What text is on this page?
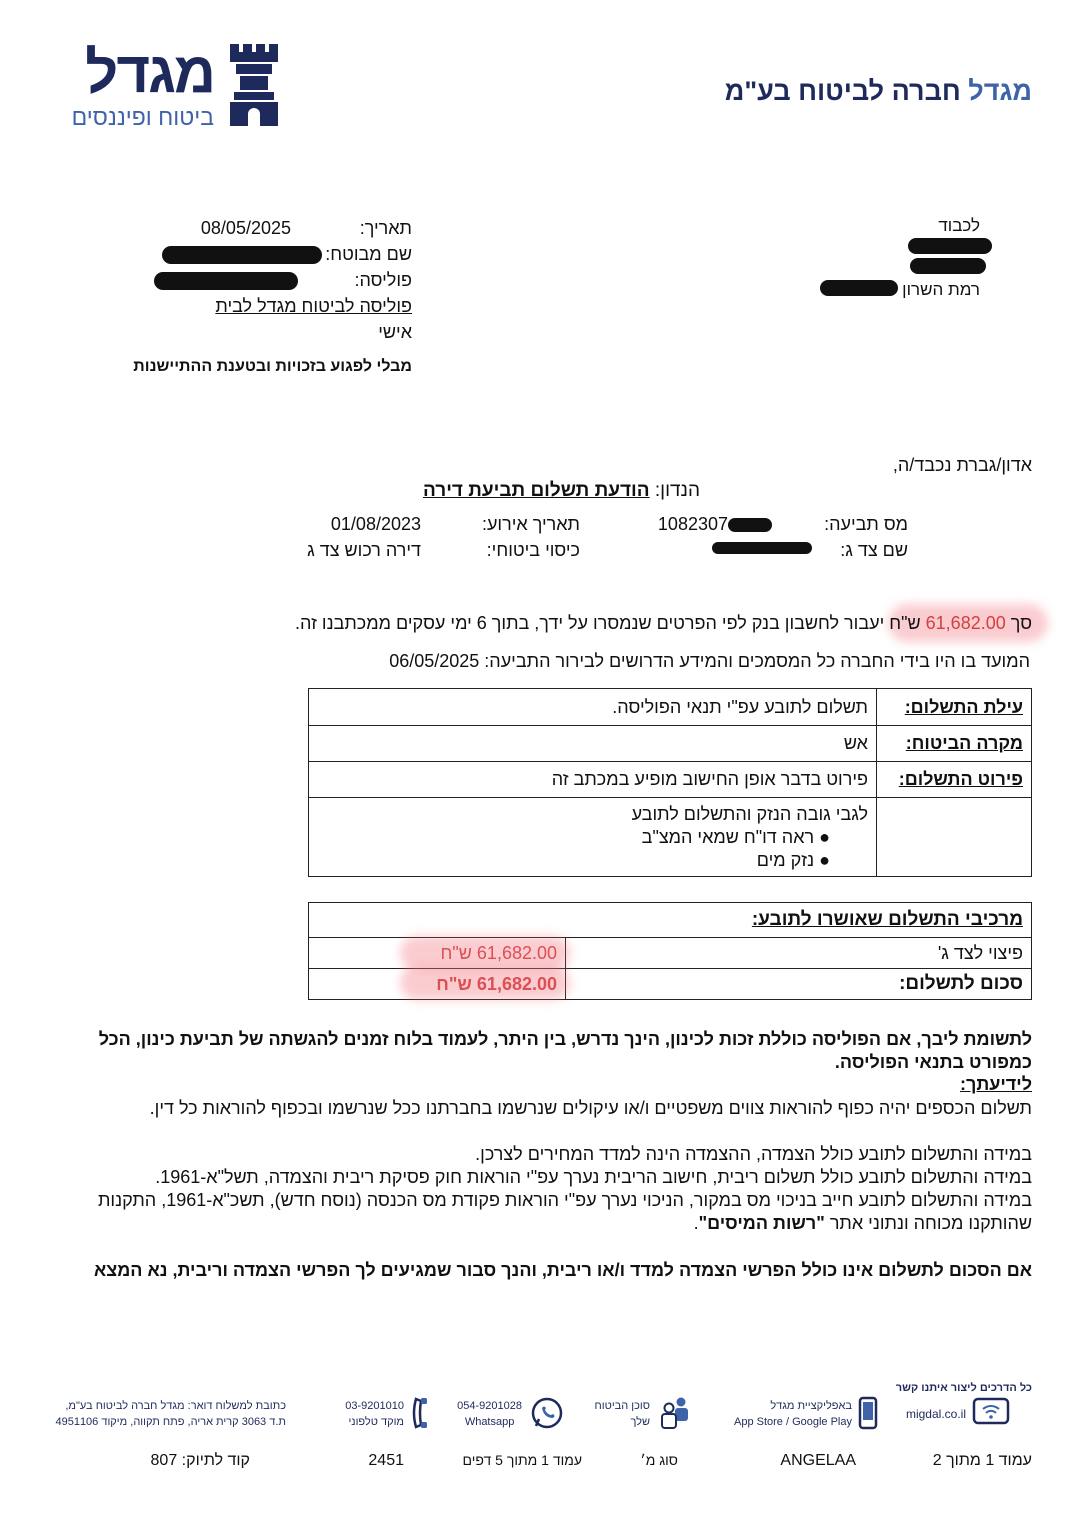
מגדל חברה לביטוח בע"מ
מגדל
ביטוח ופיננסים
לכבוד
רמת השרון
תאריך:
08/05/2025
שם מבוטח:
פוליסה:
פוליסה לביטוח מגדל לבית
אישי
מבלי לפגוע בזכויות ובטענת ההתיישנות
אדון/גברת נכבד/ה,
הנדון: הודעת תשלום תביעת דירה
מס תביעה:
1082307
תאריך אירוע:
01/08/2023
שם צד ג:
כיסוי ביטוחי:
דירה רכוש צד ג
סך 61,682.00 ש"ח יעבור לחשבון בנק לפי הפרטים שנמסרו על ידך, בתוך 6 ימי עסקים ממכתבנו זה.
המועד בו היו בידי החברה כל המסמכים והמידע הדרושים לבירור התביעה: 06/05/2025
עילת התשלום:	תשלום לתובע עפ"י תנאי הפוליסה.
מקרה הביטוח:	אש
פירוט התשלום:	פירוט בדבר אופן החישוב מופיע במכתב זה

	לגבי גובה הנזק והתשלום לתובע
● ראה דו"ח שמאי המצ"ב
● נזק מים
מרכיבי התשלום שאושרו לתובע:	
פיצוי לצד ג'	61,682.00 ש"ח
סכום לתשלום:	61,682.00 ש"ח
לתשומת ליבך, אם הפוליסה כוללת זכות לכינון, הינך נדרש, בין היתר, לעמוד בלוח זמנים להגשתה של תביעת כינון, הכל כמפורט בתנאי הפוליסה.
לידיעתך:
תשלום הכספים יהיה כפוף להוראות צווים משפטיים ו/או עיקולים שנרשמו בחברתנו ככל שנרשמו ובכפוף להוראות כל דין.
במידה והתשלום לתובע כולל הצמדה, ההצמדה הינה למדד המחירים לצרכן.
במידה והתשלום לתובע כולל תשלום ריבית, חישוב הריבית נערך עפ"י הוראות חוק פסיקת ריבית והצמדה, תשל"א-1961.
במידה והתשלום לתובע חייב בניכוי מס במקור, הניכוי נערך עפ"י הוראות פקודת מס הכנסה (נוסח חדש), תשכ"א-1961, התקנות שהותקנו מכוחה ונתוני אתר "רשות המיסים".
אם הסכום לתשלום אינו כולל הפרשי הצמדה למדד ו/או ריבית, והנך סבור שמגיעים לך הפרשי הצמדה וריבית, נא המצא
כל הדרכים ליצור איתנו קשר
migdal.co.il
באפליקציית מגדל
App Store / Google Play
סוכן הביטוח
שלך
054-9201028
Whatsapp
03-9201010
מוקד טלפוני
כתובת למשלוח דואר: מגדל חברה לביטוח בע"מ,
ת.ד 3063 קרית אריה, פתח תקווה, מיקוד 4951106
עמוד 1 מתוך 2
ANGELAA
סוג מ׳
עמוד 1 מתוך 5 דפים
2451
קוד לתיוק: 807
